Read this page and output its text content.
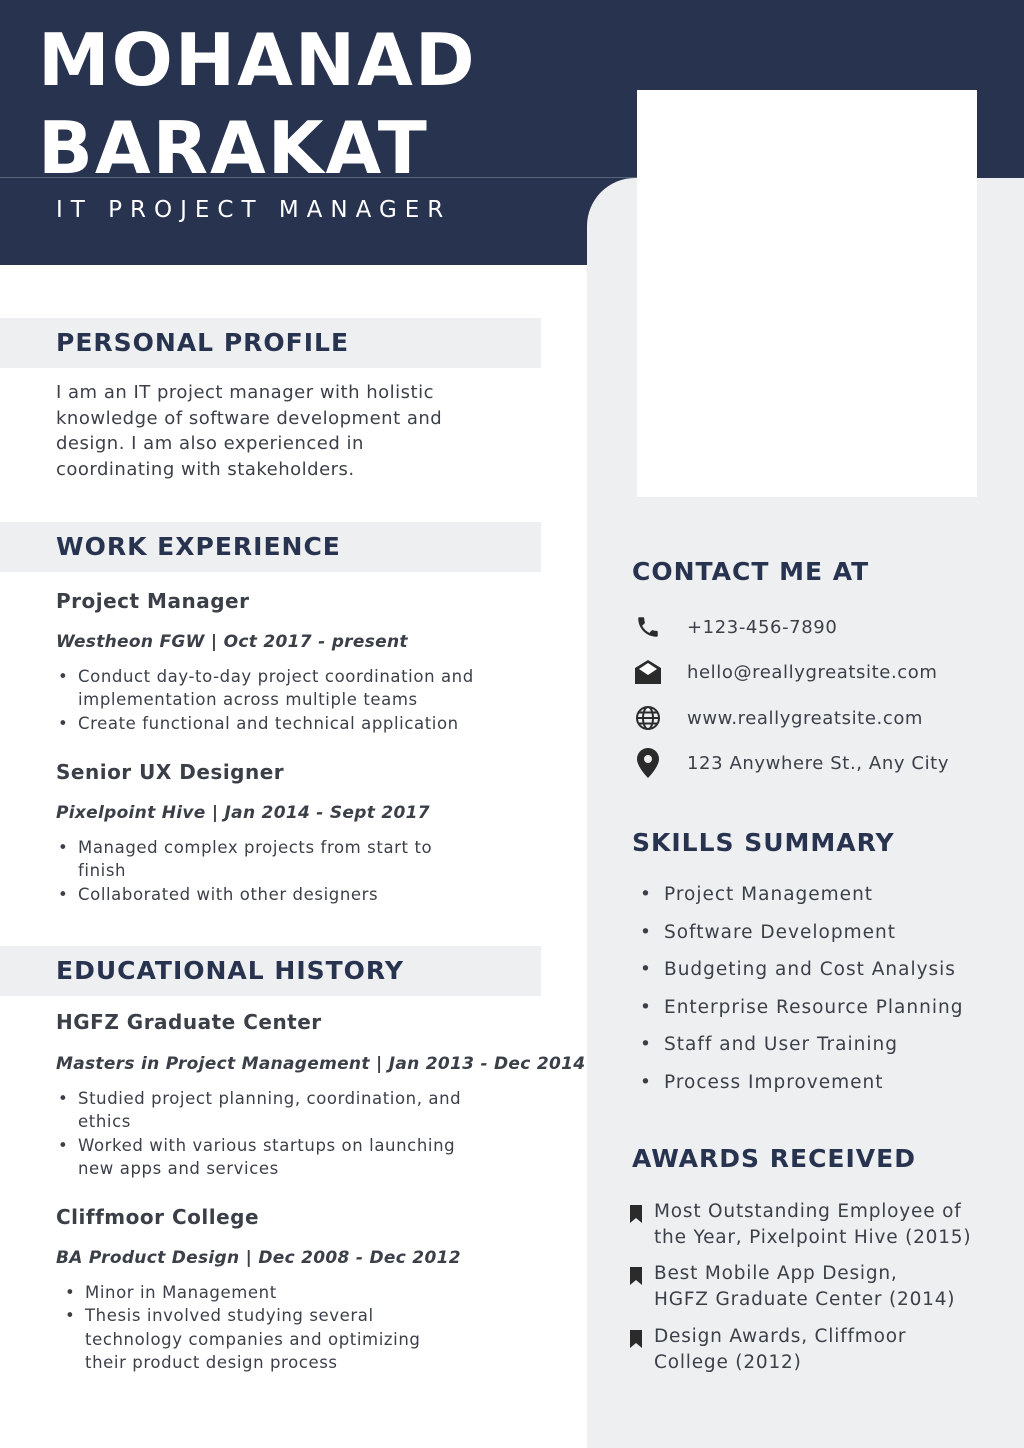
MOHANAD
BARAKAT
IT PROJECT MANAGER
PERSONAL PROFILE
I am an IT project manager with holistic
knowledge of software development and
design. I am also experienced in
coordinating with stakeholders.
WORK EXPERIENCE
Project Manager
Westheon FGW | Oct 2017 - present
• Conduct day-to-day project coordination and
implementation across multiple teams
• Create functional and technical application
Senior UX Designer
Pixelpoint Hive | Jan 2014 - Sept 2017
• Managed complex projects from start to
finish
• Collaborated with other designers
EDUCATIONAL HISTORY
HGFZ Graduate Center
Masters in Project Management | Jan 2013 - Dec 2014
• Studied project planning, coordination, and
ethics
• Worked with various startups on launching
new apps and services
Cliffmoor College
BA Product Design | Dec 2008 - Dec 2012
• Minor in Management
• Thesis involved studying several
technology companies and optimizing
their product design process
CONTACT ME AT
+123-456-7890
hello@reallygreatsite.com
www.reallygreatsite.com
123 Anywhere St., Any City
SKILLS SUMMARY
• Project Management
• Software Development
• Budgeting and Cost Analysis
• Enterprise Resource Planning
• Staff and User Training
• Process Improvement
AWARDS RECEIVED
Most Outstanding Employee of
the Year, Pixelpoint Hive (2015)
Best Mobile App Design,
HGFZ Graduate Center (2014)
Design Awards, Cliffmoor
College (2012)
